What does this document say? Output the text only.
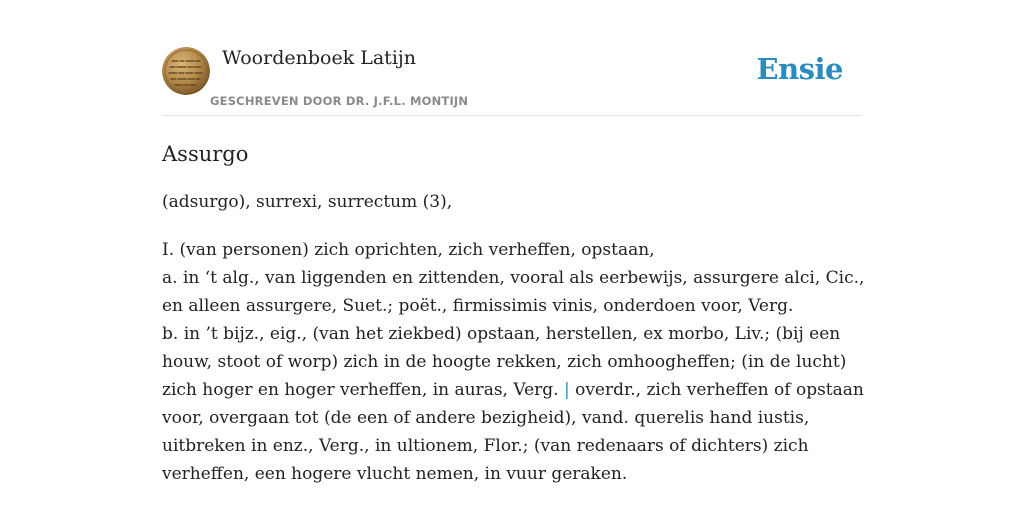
Woordenboek Latijn
GESCHREVEN DOOR DR. J.F.L. MONTIJN
Ensie
Assurgo

(adsurgo), surrexi, surrectum (3),

I. (van personen) zich oprichten, zich verheffen, opstaan,
a. in ‘t alg., van liggenden en zittenden, vooral als eerbewijs, assurgere alci, Cic.,
en alleen assurgere, Suet.; poët., firmissimis vinis, onderdoen voor, Verg.
b. in ’t bijz., eig., (van het ziekbed) opstaan, herstellen, ex morbo, Liv.; (bij een
houw, stoot of worp) zich in de hoogte rekken, zich omhoogheffen; (in de lucht)
zich hoger en hoger verheffen, in auras, Verg. | overdr., zich verheffen of opstaan
voor, overgaan tot (de een of andere bezigheid), vand. querelis hand iustis,
uitbreken in enz., Verg., in ultionem, Flor.; (van redenaars of dichters) zich
verheffen, een hogere vlucht nemen, in vuur geraken.
